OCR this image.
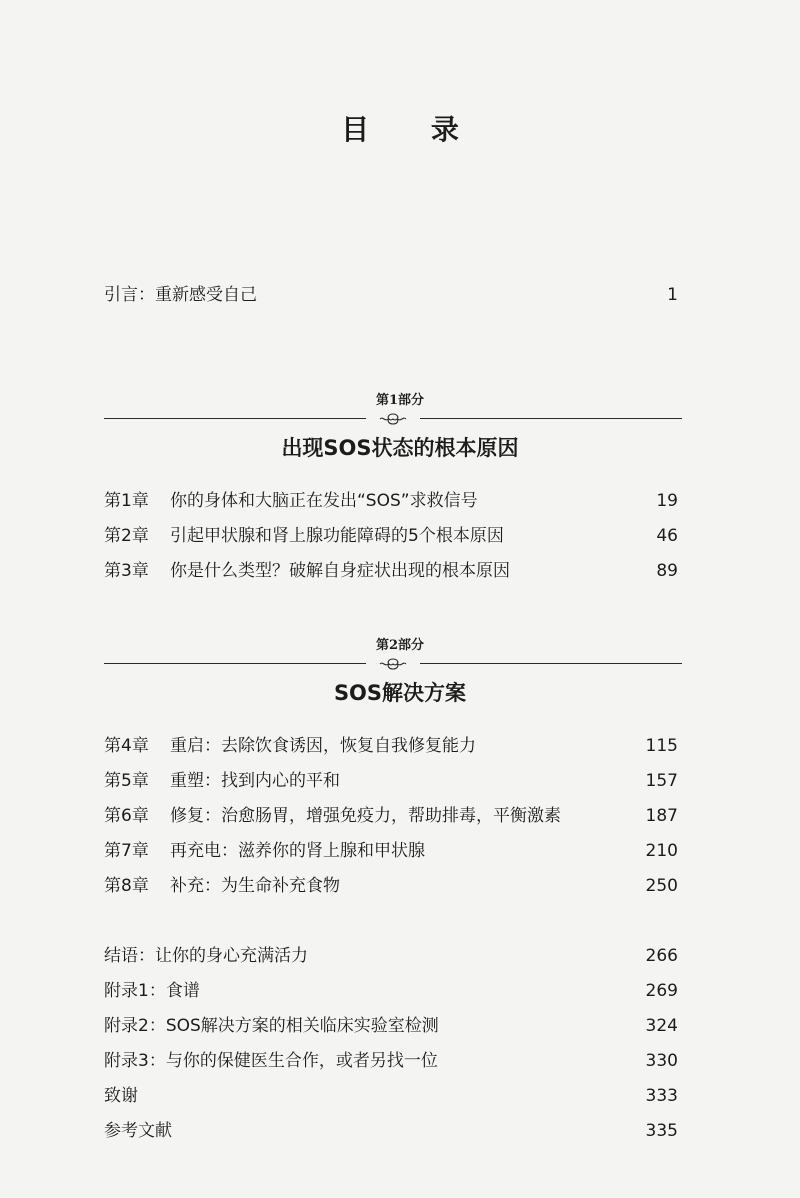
目 录
引言：重新感受自己	1
第1部分
出现SOS状态的根本原因
第1章 你的身体和大脑正在发出“SOS”求救信号	19
第2章 引起甲状腺和肾上腺功能障碍的5个根本原因	46
第3章 你是什么类型？破解自身症状出现的根本原因	89
第2部分
SOS解决方案
第4章 重启：去除饮食诱因，恢复自我修复能力	115
第5章 重塑：找到内心的平和	157
第6章 修复：治愈肠胃，增强免疫力，帮助排毒，平衡激素	187
第7章 再充电：滋养你的肾上腺和甲状腺	210
第8章 补充：为生命补充食物	250
结语：让你的身心充满活力	266
附录1：食谱	269
附录2：SOS解决方案的相关临床实验室检测	324
附录3：与你的保健医生合作，或者另找一位	330
致谢	333
参考文献	335
